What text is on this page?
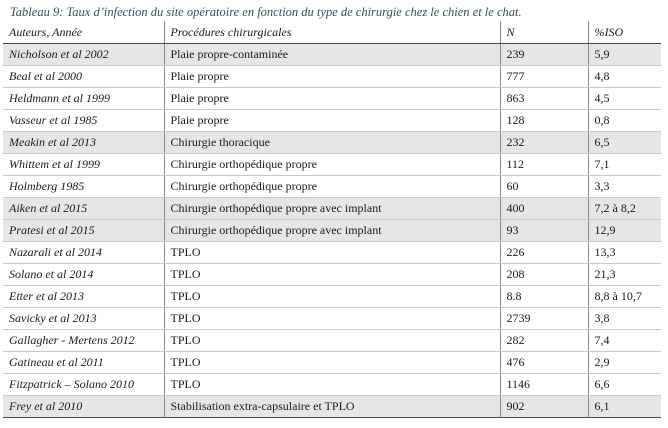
Tableau 9: Taux d’infection du site opératoire en fonction du type de chirurgie chez le chien et le chat.
Auteurs, Année	Procédures chirurgicales	N	%ISO
Nicholson et al 2002	Plaie propre-contaminée	239	5,9
Beal et al 2000	Plaie propre	777	4,8
Heldmann et al 1999	Plaie propre	863	4,5
Vasseur et al 1985	Plaie propre	128	0,8
Meakin et al 2013	Chirurgie thoracique	232	6,5
Whittem et al 1999	Chirurgie orthopédique propre	112	7,1
Holmberg 1985	Chirurgie orthopédique propre	60	3,3
Aiken et al 2015	Chirurgie orthopédique propre avec implant	400	7,2 à 8,2
Pratesi et al 2015	Chirurgie orthopédique propre avec implant	93	12,9
Nazarali et al 2014	TPLO	226	13,3
Solano et al 2014	TPLO	208	21,3
Etter et al 2013	TPLO	8.8	8,8 à 10,7
Savicky et al 2013	TPLO	2739	3,8
Gallagher - Mertens 2012	TPLO	282	7,4
Gatineau et al 2011	TPLO	476	2,9
Fitzpatrick – Solano 2010	TPLO	1146	6,6
Frey et al 2010	Stabilisation extra-capsulaire et TPLO	902	6,1
